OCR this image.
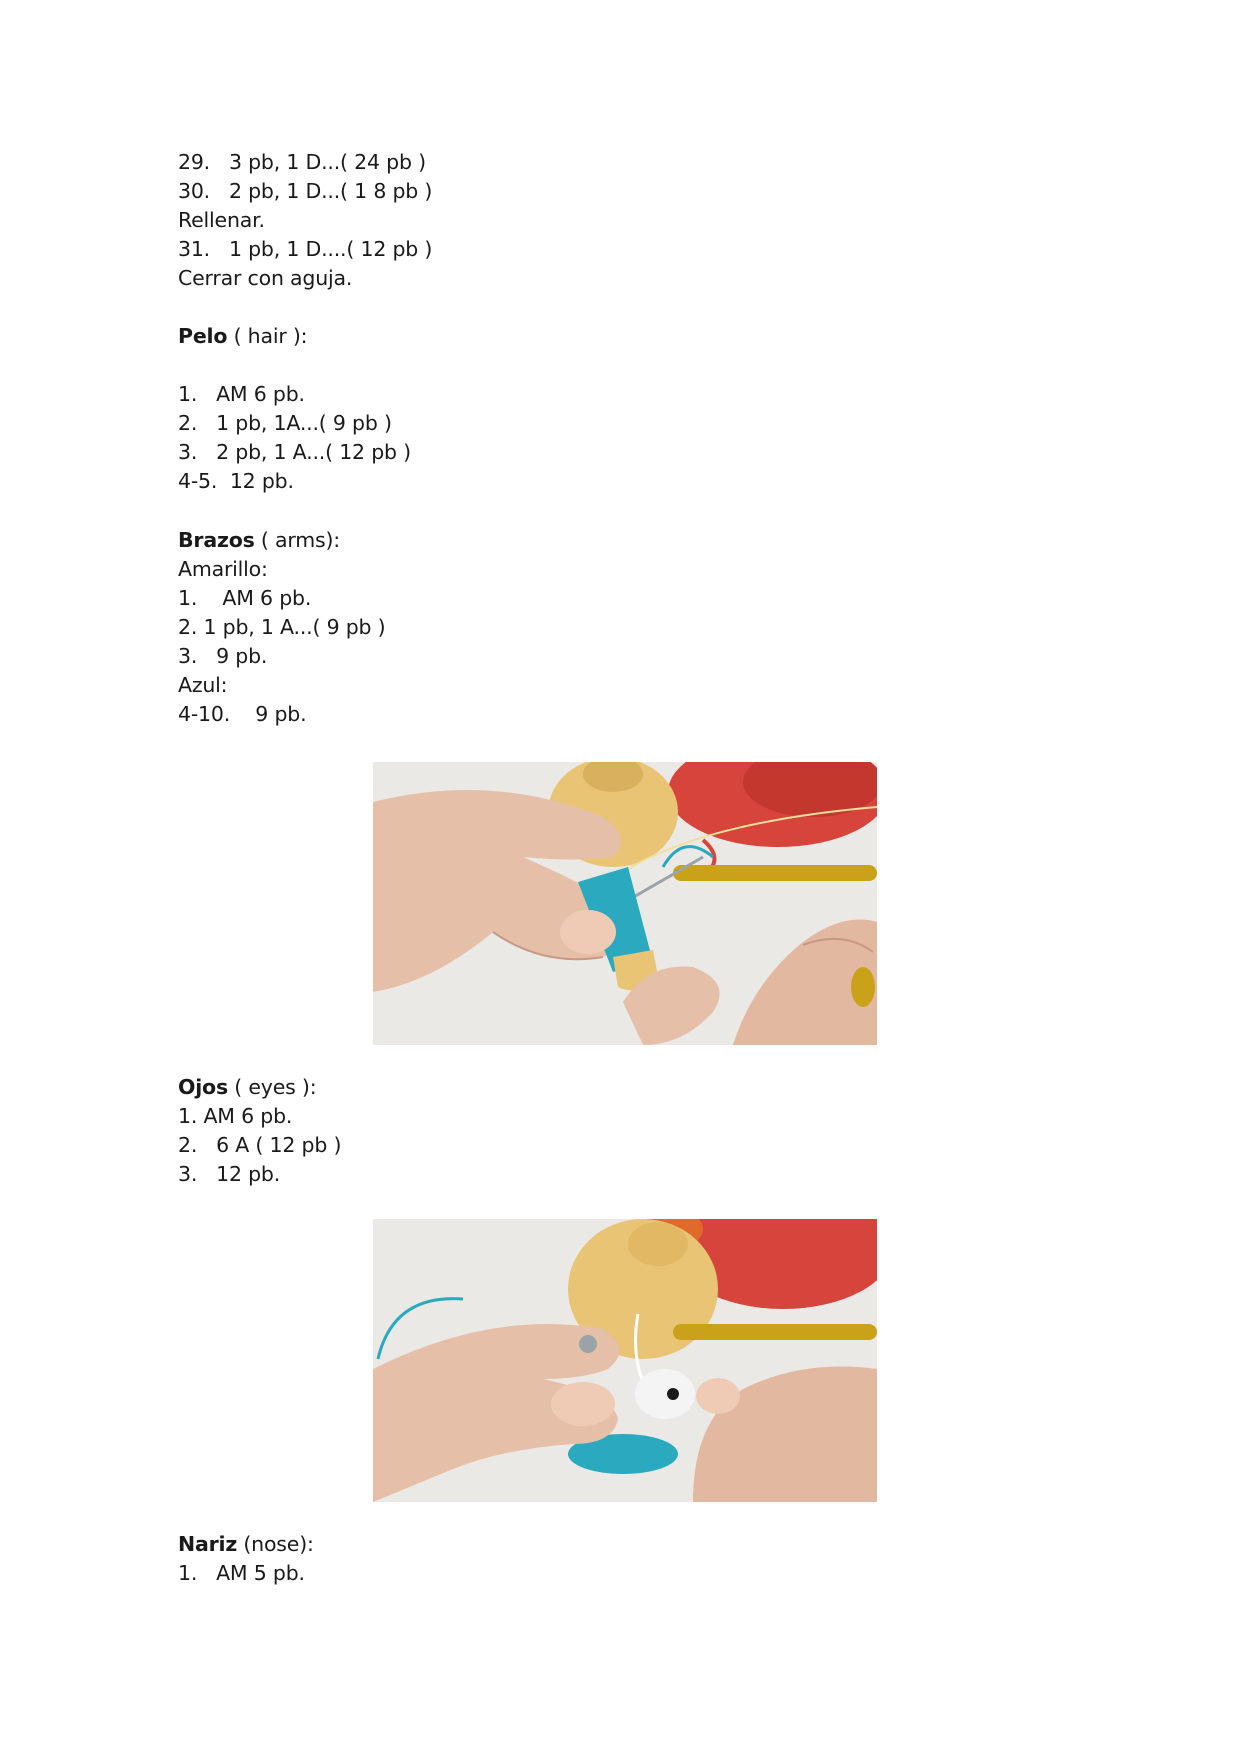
29.   3 pb, 1 D...( 24 pb )
30.   2 pb, 1 D...( 1 8 pb )
Rellenar.
31.   1 pb, 1 D....( 12 pb )
Cerrar con aguja.
Pelo ( hair ):
1.   AM 6 pb.
2.   1 pb, 1A...( 9 pb )
3.   2 pb, 1 A...( 12 pb )
4-5.  12 pb.
Brazos ( arms):
Amarillo:
1.    AM 6 pb.
2. 1 pb, 1 A...( 9 pb )
3.   9 pb.
Azul:
4-10.    9 pb.
Ojos ( eyes ):
1. AM 6 pb.
2.   6 A ( 12 pb )
3.   12 pb.
Nariz (nose):
1.   AM 5 pb.
